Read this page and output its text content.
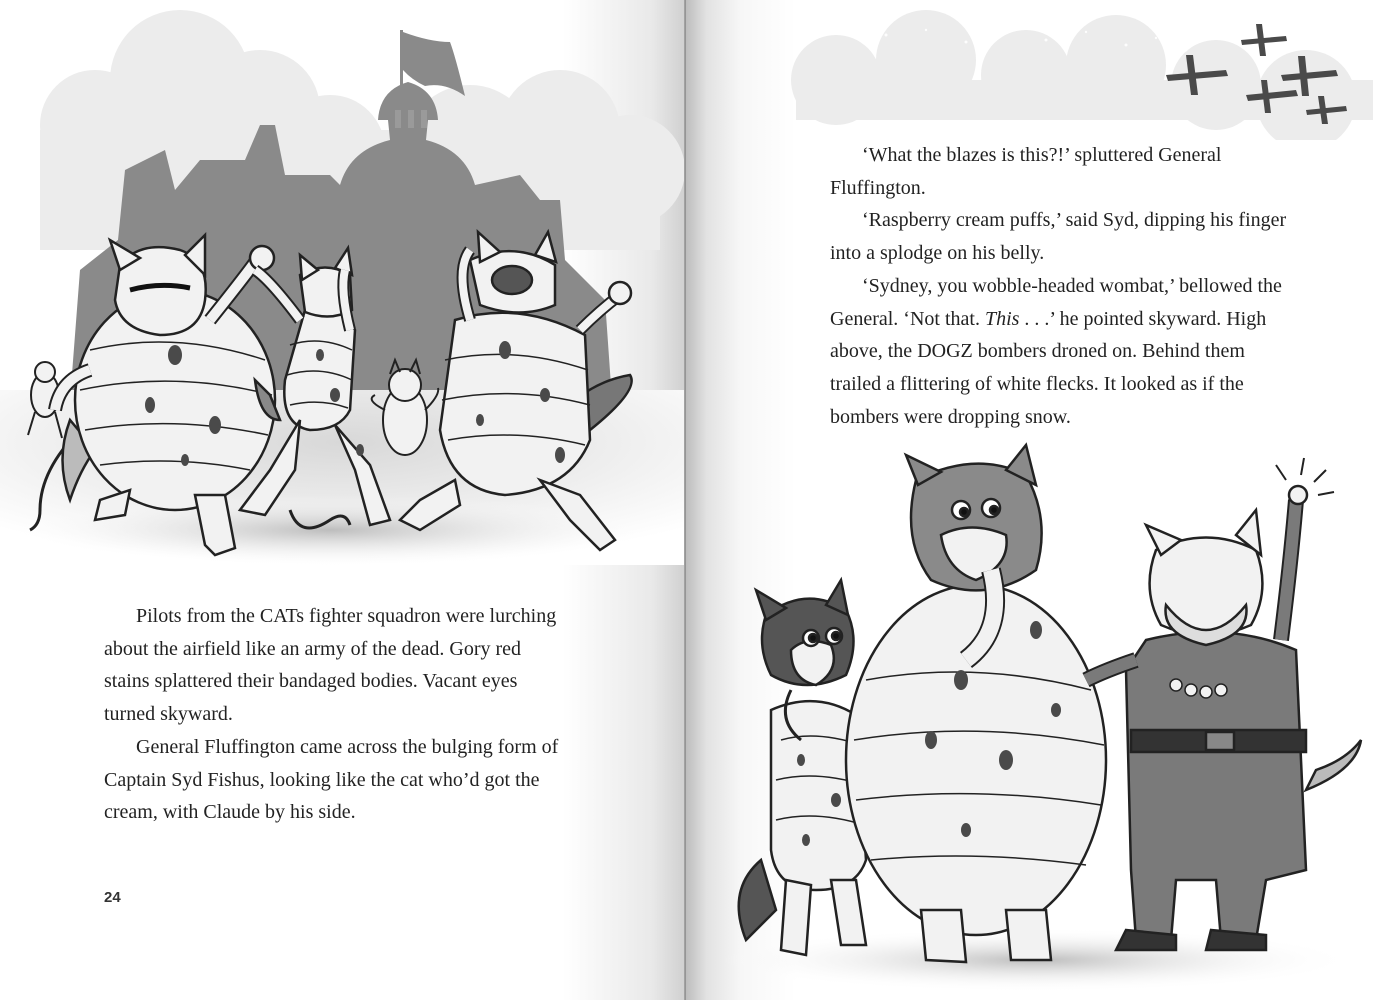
Pilots from the CATs fighter squadron were lurching about the airfield like an army of the dead. Gory red stains splattered their bandaged bodies. Vacant eyes turned skyward.

General Fluffington came across the bulging form of Captain Syd Fishus, looking like the cat who’d got the cream, with Claude by his side.

24

‘What the blazes is this?!’ spluttered General Fluffington.

‘Raspberry cream puffs,’ said Syd, dipping his finger into a splodge on his belly.

‘Sydney, you wobble-headed wombat,’ bellowed the General. ‘Not that. This . . .’ he pointed skyward. High above, the DOGZ bombers droned on. Behind them trailed a flittering of white flecks. It looked as if the bombers were dropping snow.
